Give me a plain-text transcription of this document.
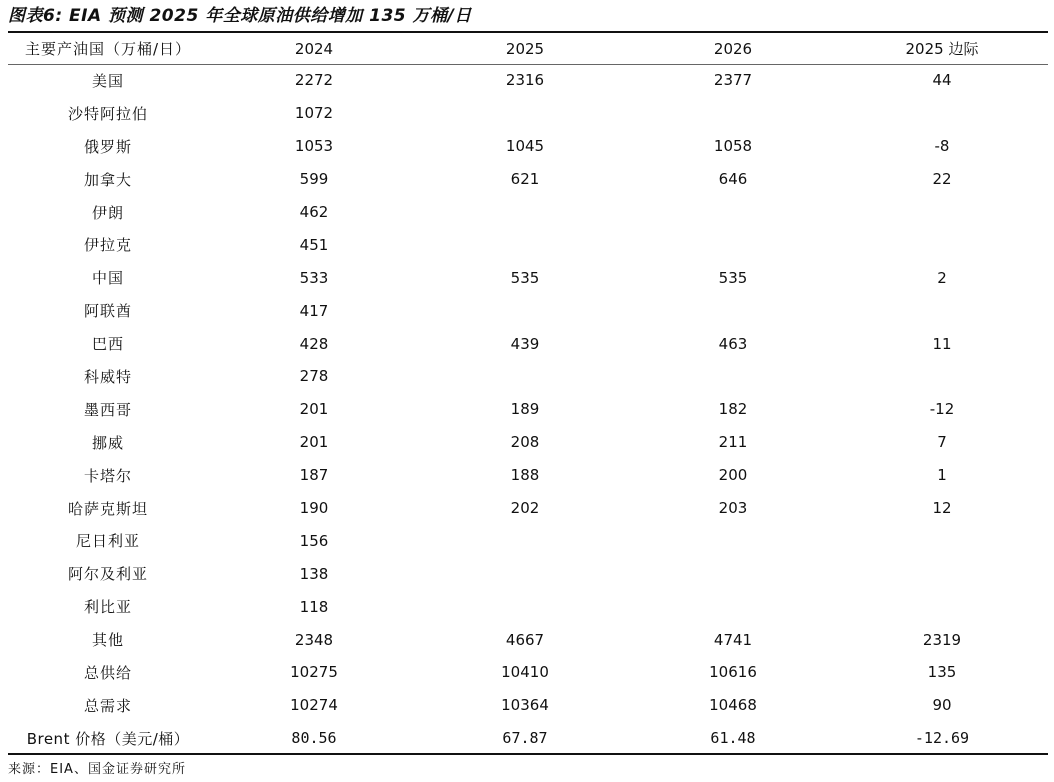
图表6: EIA 预测 2025 年全球原油供给增加 135 万桶/日
主要产油国（万桶/日）	2024	2025	2026	2025 边际
美国	2272	2316	2377	44
沙特阿拉伯	1072			
俄罗斯	1053	1045	1058	-8
加拿大	599	621	646	22
伊朗	462			
伊拉克	451			
中国	533	535	535	2
阿联酋	417			
巴西	428	439	463	11
科威特	278			
墨西哥	201	189	182	-12
挪威	201	208	211	7
卡塔尔	187	188	200	1
哈萨克斯坦	190	202	203	12
尼日利亚	156			
阿尔及利亚	138			
利比亚	118			
其他	2348	4667	4741	2319
总供给	10275	10410	10616	135
总需求	10274	10364	10468	90
Brent 价格（美元/桶）	80.56	67.87	61.48	-12.69
来源：EIA、国金证券研究所
